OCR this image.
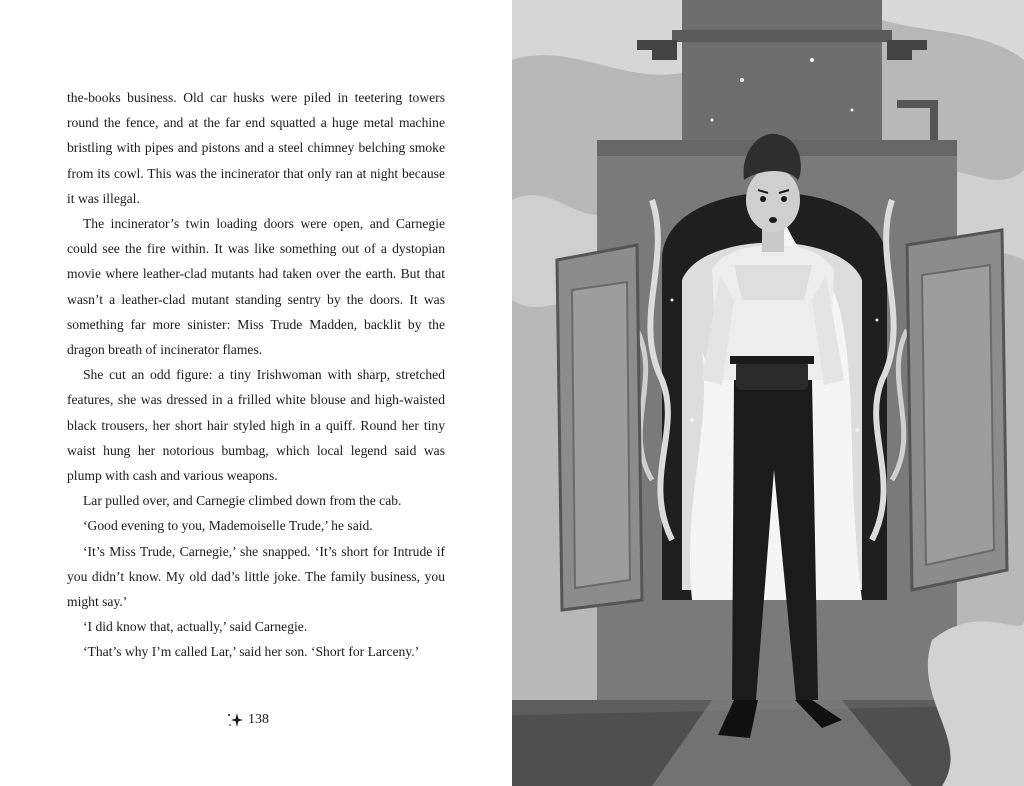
the-books business. Old car husks were piled in teetering towers round the fence, and at the far end squatted a huge metal machine bristling with pipes and pistons and a steel chimney belching smoke from its cowl. This was the incinerator that only ran at night because it was illegal.

The incinerator’s twin loading doors were open, and Carnegie could see the fire within. It was like something out of a dystopian movie where leather-clad mutants had taken over the earth. But that wasn’t a leather-clad mutant standing sentry by the doors. It was something far more sinister: Miss Trude Madden, backlit by the dragon breath of incinerator flames.

She cut an odd figure: a tiny Irishwoman with sharp, stretched features, she was dressed in a frilled white blouse and high-waisted black trousers, her short hair styled high in a quiff. Round her tiny waist hung her notorious bumbag, which local legend said was plump with cash and various weapons.

Lar pulled over, and Carnegie climbed down from the cab.

‘Good evening to you, Mademoiselle Trude,’ he said.

‘It’s Miss Trude, Carnegie,’ she snapped. ‘It’s short for Intrude if you didn’t know. My old dad’s little joke. The family business, you might say.’

‘I did know that, actually,’ said Carnegie.

‘That’s why I’m called Lar,’ said her son. ‘Short for Larceny.’

138
